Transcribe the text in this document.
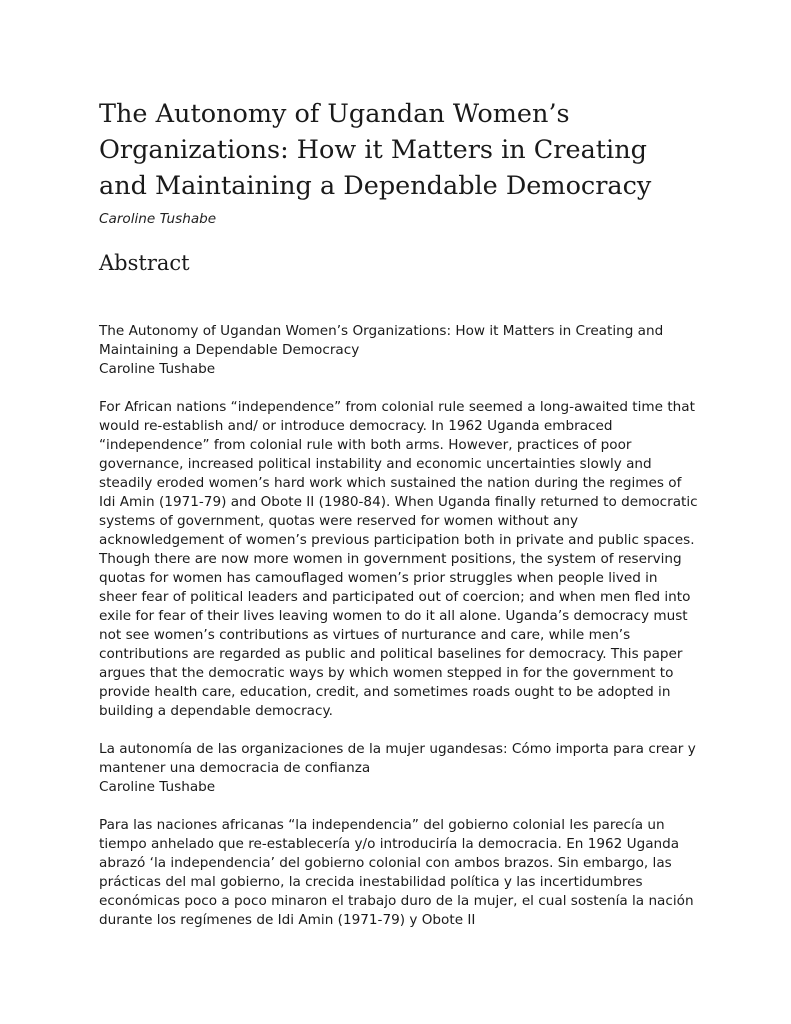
The Autonomy of Ugandan Women’s Organizations: How it Matters in Creating and Maintaining a Dependable Democracy
Caroline Tushabe
Abstract

The Autonomy of Ugandan Women’s Organizations: How it Matters in Creating and Maintaining a Dependable Democracy

Caroline Tushabe

For African nations “independence” from colonial rule seemed a long-awaited time that would re-establish and/ or introduce democracy. In 1962 Uganda embraced “independence” from colonial rule with both arms. However, practices of poor governance, increased political instability and economic uncertainties slowly and steadily eroded women’s hard work which sustained the nation during the regimes of Idi Amin (1971-79) and Obote II (1980-84). When Uganda finally returned to democratic systems of government, quotas were reserved for women without any acknowledgement of women’s previous participation both in private and public spaces. Though there are now more women in government positions, the system of reserving quotas for women has camouflaged women’s prior struggles when people lived in sheer fear of political leaders and participated out of coercion; and when men fled into exile for fear of their lives leaving women to do it all alone. Uganda’s democracy must not see women’s contributions as virtues of nurturance and care, while men’s contributions are regarded as public and political baselines for democracy. This paper argues that the democratic ways by which women stepped in for the government to provide health care, education, credit, and sometimes roads ought to be adopted in building a dependable democracy.

La autonomía de las organizaciones de la mujer ugandesas: Cómo importa para crear y mantener una democracia de confianza

Caroline Tushabe

Para las naciones africanas “la independencia” del gobierno colonial les parecía un tiempo anhelado que re-establecería y/o introduciría la democracia. En 1962 Uganda abrazó ‘la independencia’ del gobierno colonial con ambos brazos. Sin embargo, las prácticas del mal gobierno, la crecida inestabilidad política y las incertidumbres económicas poco a poco minaron el trabajo duro de la mujer, el cual sostenía la nación durante los regímenes de Idi Amin (1971-79) y Obote II
